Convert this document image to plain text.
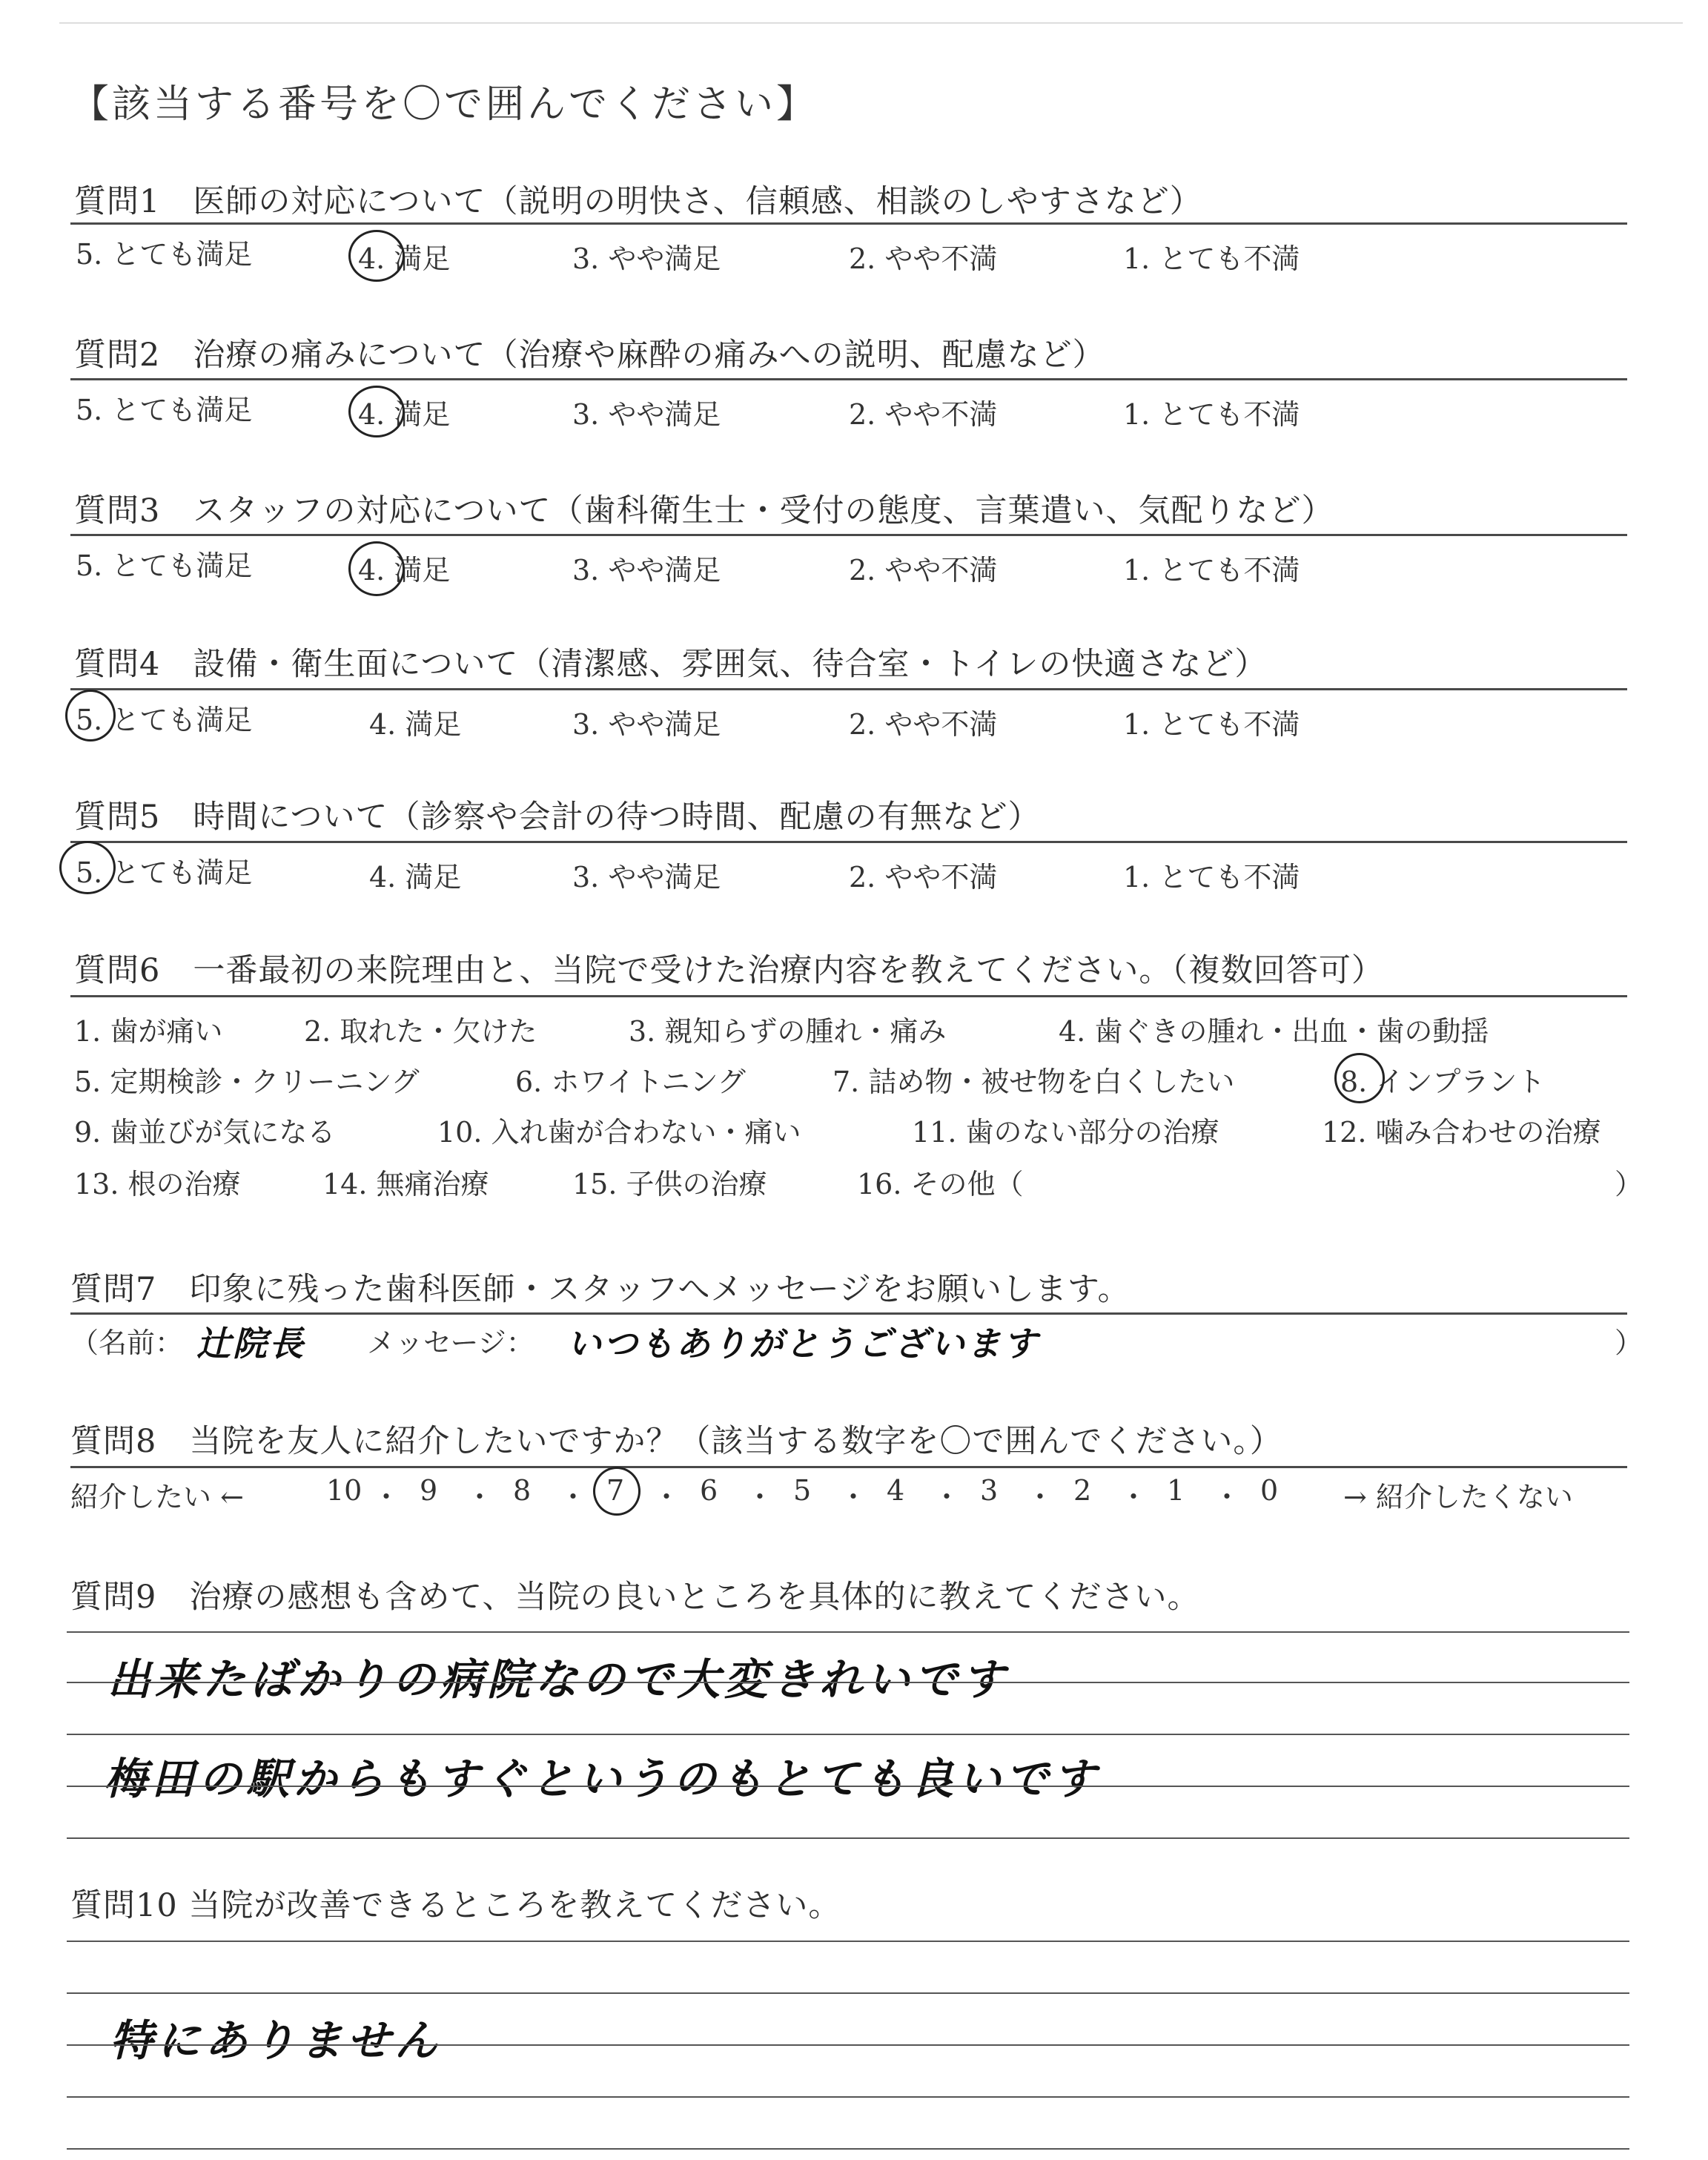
【該当する番号を〇で囲んでください】
質問1　医師の対応について（説明の明快さ、信頼感、相談のしやすさなど）
5. とても満足	4. 満足	3. やや満足	2. やや不満	1. とても不満
質問2　治療の痛みについて（治療や麻酔の痛みへの説明、配慮など）
5. とても満足	4. 満足	3. やや満足	2. やや不満	1. とても不満
質問3　スタッフの対応について（歯科衛生士・受付の態度、言葉遣い、気配りなど）
5. とても満足	4. 満足	3. やや満足	2. やや不満	1. とても不満
質問4　設備・衛生面について（清潔感、雰囲気、待合室・トイレの快適さなど）
5. とても満足	4. 満足	3. やや満足	2. やや不満	1. とても不満
質問5　時間について（診察や会計の待つ時間、配慮の有無など）
5. とても満足	4. 満足	3. やや満足	2. やや不満	1. とても不満
質問6　一番最初の来院理由と、当院で受けた治療内容を教えてください。（複数回答可）
1. 歯が痛い	2. 取れた・欠けた	3. 親知らずの腫れ・痛み	4. 歯ぐきの腫れ・出血・歯の動揺
5. 定期検診・クリーニング	6. ホワイトニング	7. 詰め物・被せ物を白くしたい	8. インプラント
9. 歯並びが気になる	10. 入れ歯が合わない・痛い	11. 歯のない部分の治療	12. 噛み合わせの治療
13. 根の治療	14. 無痛治療	15. 子供の治療	16. その他（	）
質問7　印象に残った歯科医師・スタッフへメッセージをお願いします。
（名前： 辻院長 メッセージ： いつもありがとうございます	）
質問8　当院を友人に紹介したいですか？（該当する数字を〇で囲んでください。）
紹介したい ←	10 ・ 9 ・ 8 ・ 7 ・ 6 ・ 5 ・ 4 ・ 3 ・ 2 ・ 1 ・ 0 → 紹介したくない
質問9　治療の感想も含めて、当院の良いところを具体的に教えてください。
出来たばかりの病院なので大変きれいです
梅田の駅からもすぐというのもとても良いです
質問10 当院が改善できるところを教えてください。
特にありません
